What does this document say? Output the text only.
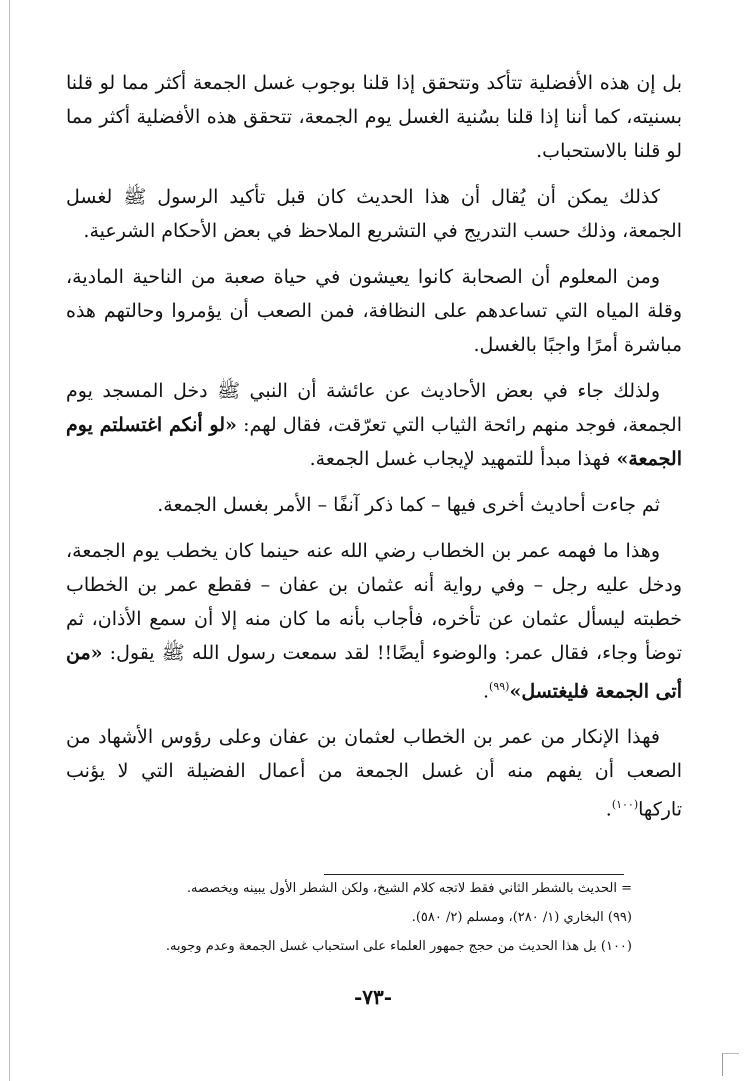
بل إن هذه الأفضلية تتأكد وتتحقق إذا قلنا بوجوب غسل الجمعة أكثر مما لو قلنا بسنيته، كما أننا إذا قلنا بسُنية الغسل يوم الجمعة، تتحقق هذه الأفضلية أكثر مما لو قلنا بالاستحباب.

كذلك يمكن أن يُقال أن هذا الحديث كان قبل تأكيد الرسول ﷺ لغسل الجمعة، وذلك حسب التدريج في التشريع الملاحظ في بعض الأحكام الشرعية.

ومن المعلوم أن الصحابة كانوا يعيشون في حياة صعبة من الناحية المادية، وقلة المياه التي تساعدهم على النظافة، فمن الصعب أن يؤمروا وحالتهم هذه مباشرة أمرًا واجبًا بالغسل.

ولذلك جاء في بعض الأحاديث عن عائشة أن النبي ﷺ دخل المسجد يوم الجمعة، فوجد منهم رائحة الثياب التي تعرّقت، فقال لهم: «لو أنكم اغتسلتم يوم الجمعة» فهذا مبدأ للتمهيد لإيجاب غسل الجمعة.

ثم جاءت أحاديث أخرى فيها – كما ذكر آنفًا – الأمر بغسل الجمعة.

وهذا ما فهمه عمر بن الخطاب رضي الله عنه حينما كان يخطب يوم الجمعة، ودخل عليه رجل – وفي رواية أنه عثمان بن عفان – فقطع عمر بن الخطاب خطبته ليسأل عثمان عن تأخره، فأجاب بأنه ما كان منه إلا أن سمع الأذان، ثم توضأ وجاء، فقال عمر: والوضوء أيضًا!! لقد سمعت رسول الله ﷺ يقول: «من أتى الجمعة فليغتسل»$^{(٩٩)}$.

فهذا الإنكار من عمر بن الخطاب لعثمان بن عفان وعلى رؤوس الأشهاد من الصعب أن يفهم منه أن غسل الجمعة من أعمال الفضيلة التي لا يؤنب تاركها$^{(١٠٠)}$.

= الحديث بالشطر الثاني فقط لاتجه كلام الشيخ، ولكن الشطر الأول يبينه ويخصصه.

(٩٩) البخاري (١/ ٢٨٠)، ومسلم (٢/ ٥٨٠).

(١٠٠) بل هذا الحديث من حجج جمهور العلماء على استحباب غسل الجمعة وعدم وجوبه.

-٧٣-
